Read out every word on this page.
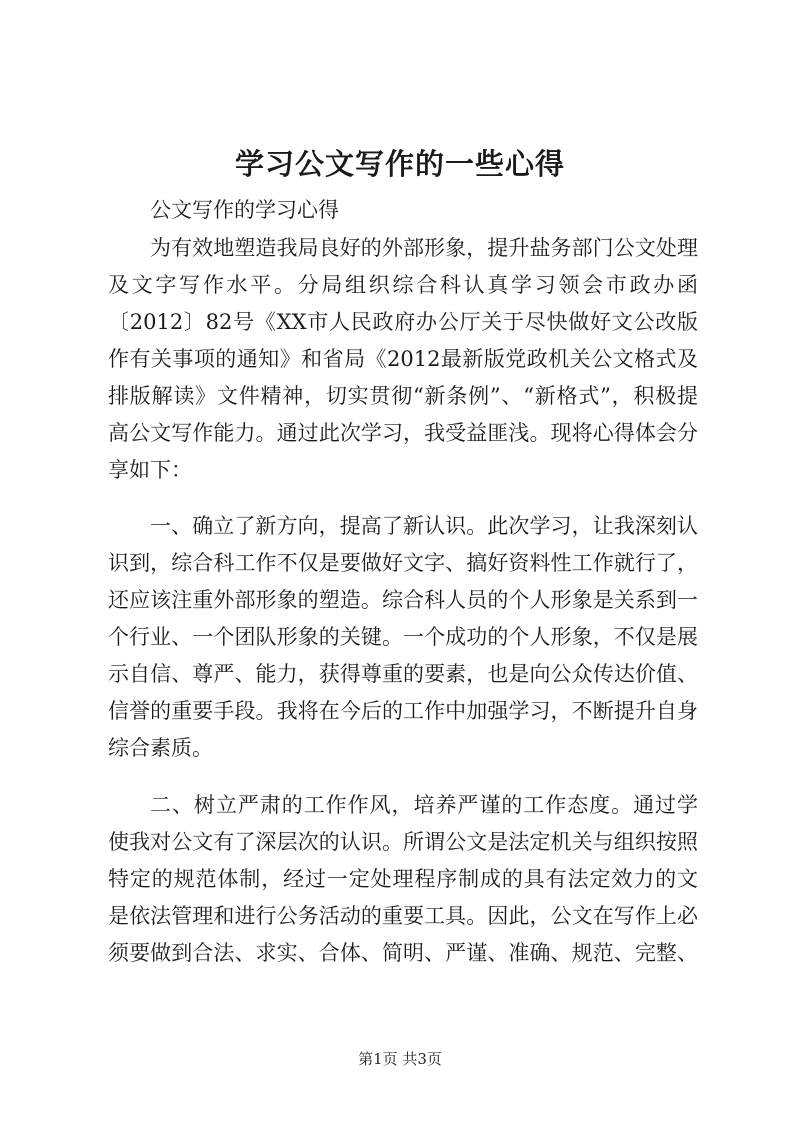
学习公文写作的一些心得

公文写作的学习心得

为有效地塑造我局良好的外部形象，提升盐务部门公文处理

及文字写作水平。分局组织综合科认真学习领会市政办函

〔2012〕82号《XX市人民政府办公厅关于尽快做好文公改版

作有关事项的通知》和省局《2012最新版党政机关公文格式及

排版解读》文件精神，切实贯彻“新条例”、“新格式”，积极提

高公文写作能力。通过此次学习，我受益匪浅。现将心得体会分

享如下：

一、确立了新方向，提高了新认识。此次学习，让我深刻认

识到，综合科工作不仅是要做好文字、搞好资料性工作就行了，

还应该注重外部形象的塑造。综合科人员的个人形象是关系到一

个行业、一个团队形象的关键。一个成功的个人形象，不仅是展

示自信、尊严、能力，获得尊重的要素，也是向公众传达价值、

信誉的重要手段。我将在今后的工作中加强学习，不断提升自身

综合素质。

二、树立严肃的工作作风，培养严谨的工作态度。通过学

使我对公文有了深层次的认识。所谓公文是法定机关与组织按照

特定的规范体制，经过一定处理程序制成的具有法定效力的文

是依法管理和进行公务活动的重要工具。因此，公文在写作上必

须要做到合法、求实、合体、简明、严谨、准确、规范、完整、

第1页 共3页
